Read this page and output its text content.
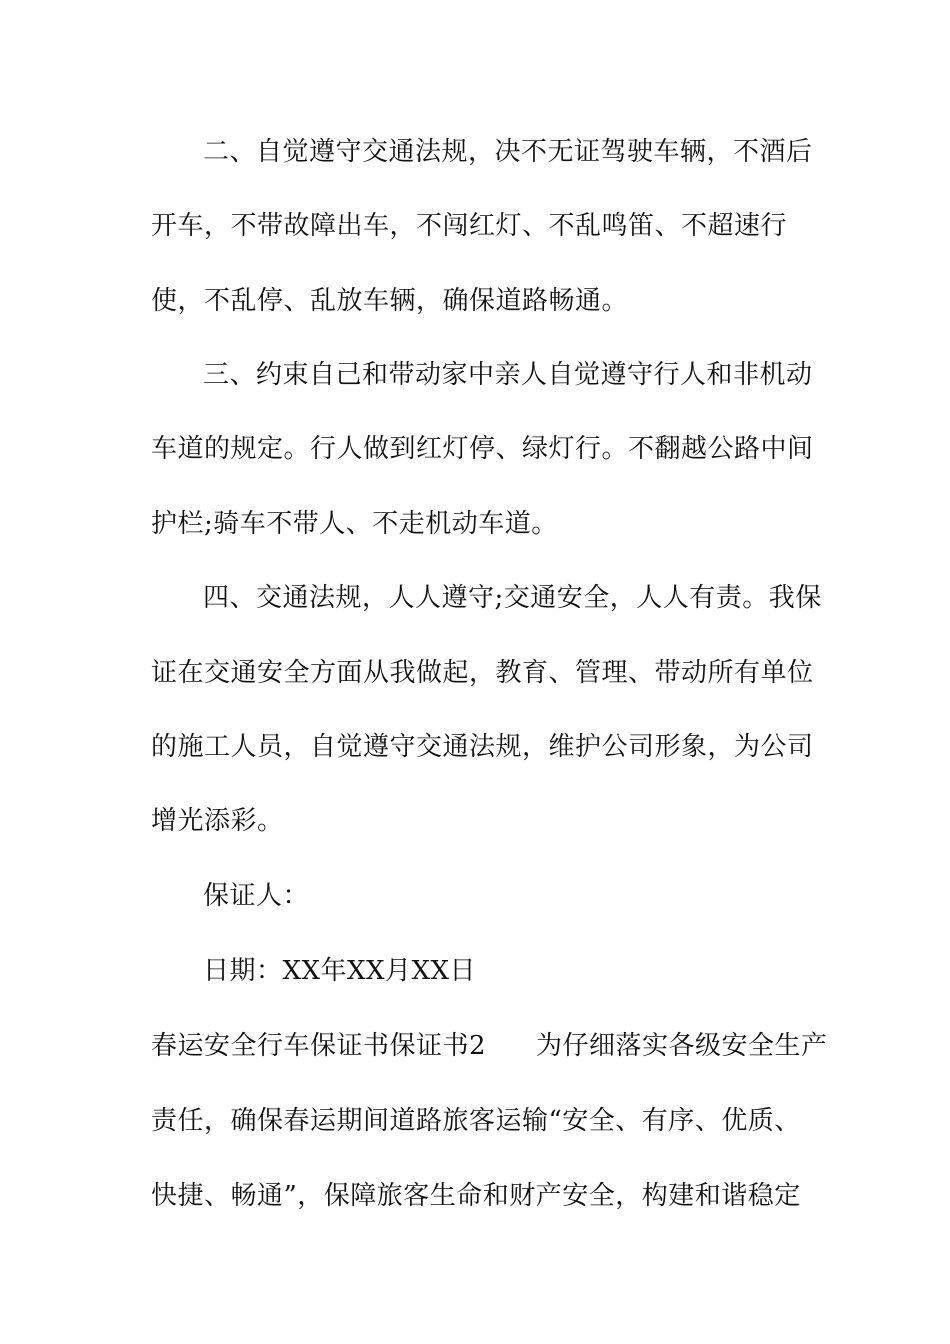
二、自觉遵守交通法规，决不无证驾驶车辆，不酒后
开车，不带故障出车，不闯红灯、不乱鸣笛、不超速行
使，不乱停、乱放车辆，确保道路畅通。
三、约束自己和带动家中亲人自觉遵守行人和非机动
车道的规定。行人做到红灯停、绿灯行。不翻越公路中间
护栏;骑车不带人、不走机动车道。
四、交通法规，人人遵守;交通安全，人人有责。我保
证在交通安全方面从我做起，教育、管理、带动所有单位
的施工人员，自觉遵守交通法规，维护公司形象，为公司
增光添彩。
保证人：
日期：XX年XX月XX日
春运安全行车保证书保证书2 为仔细落实各级安全生产
责任，确保春运期间道路旅客运输“安全、有序、优质、
快捷、畅通”，保障旅客生命和财产安全，构建和谐稳定
